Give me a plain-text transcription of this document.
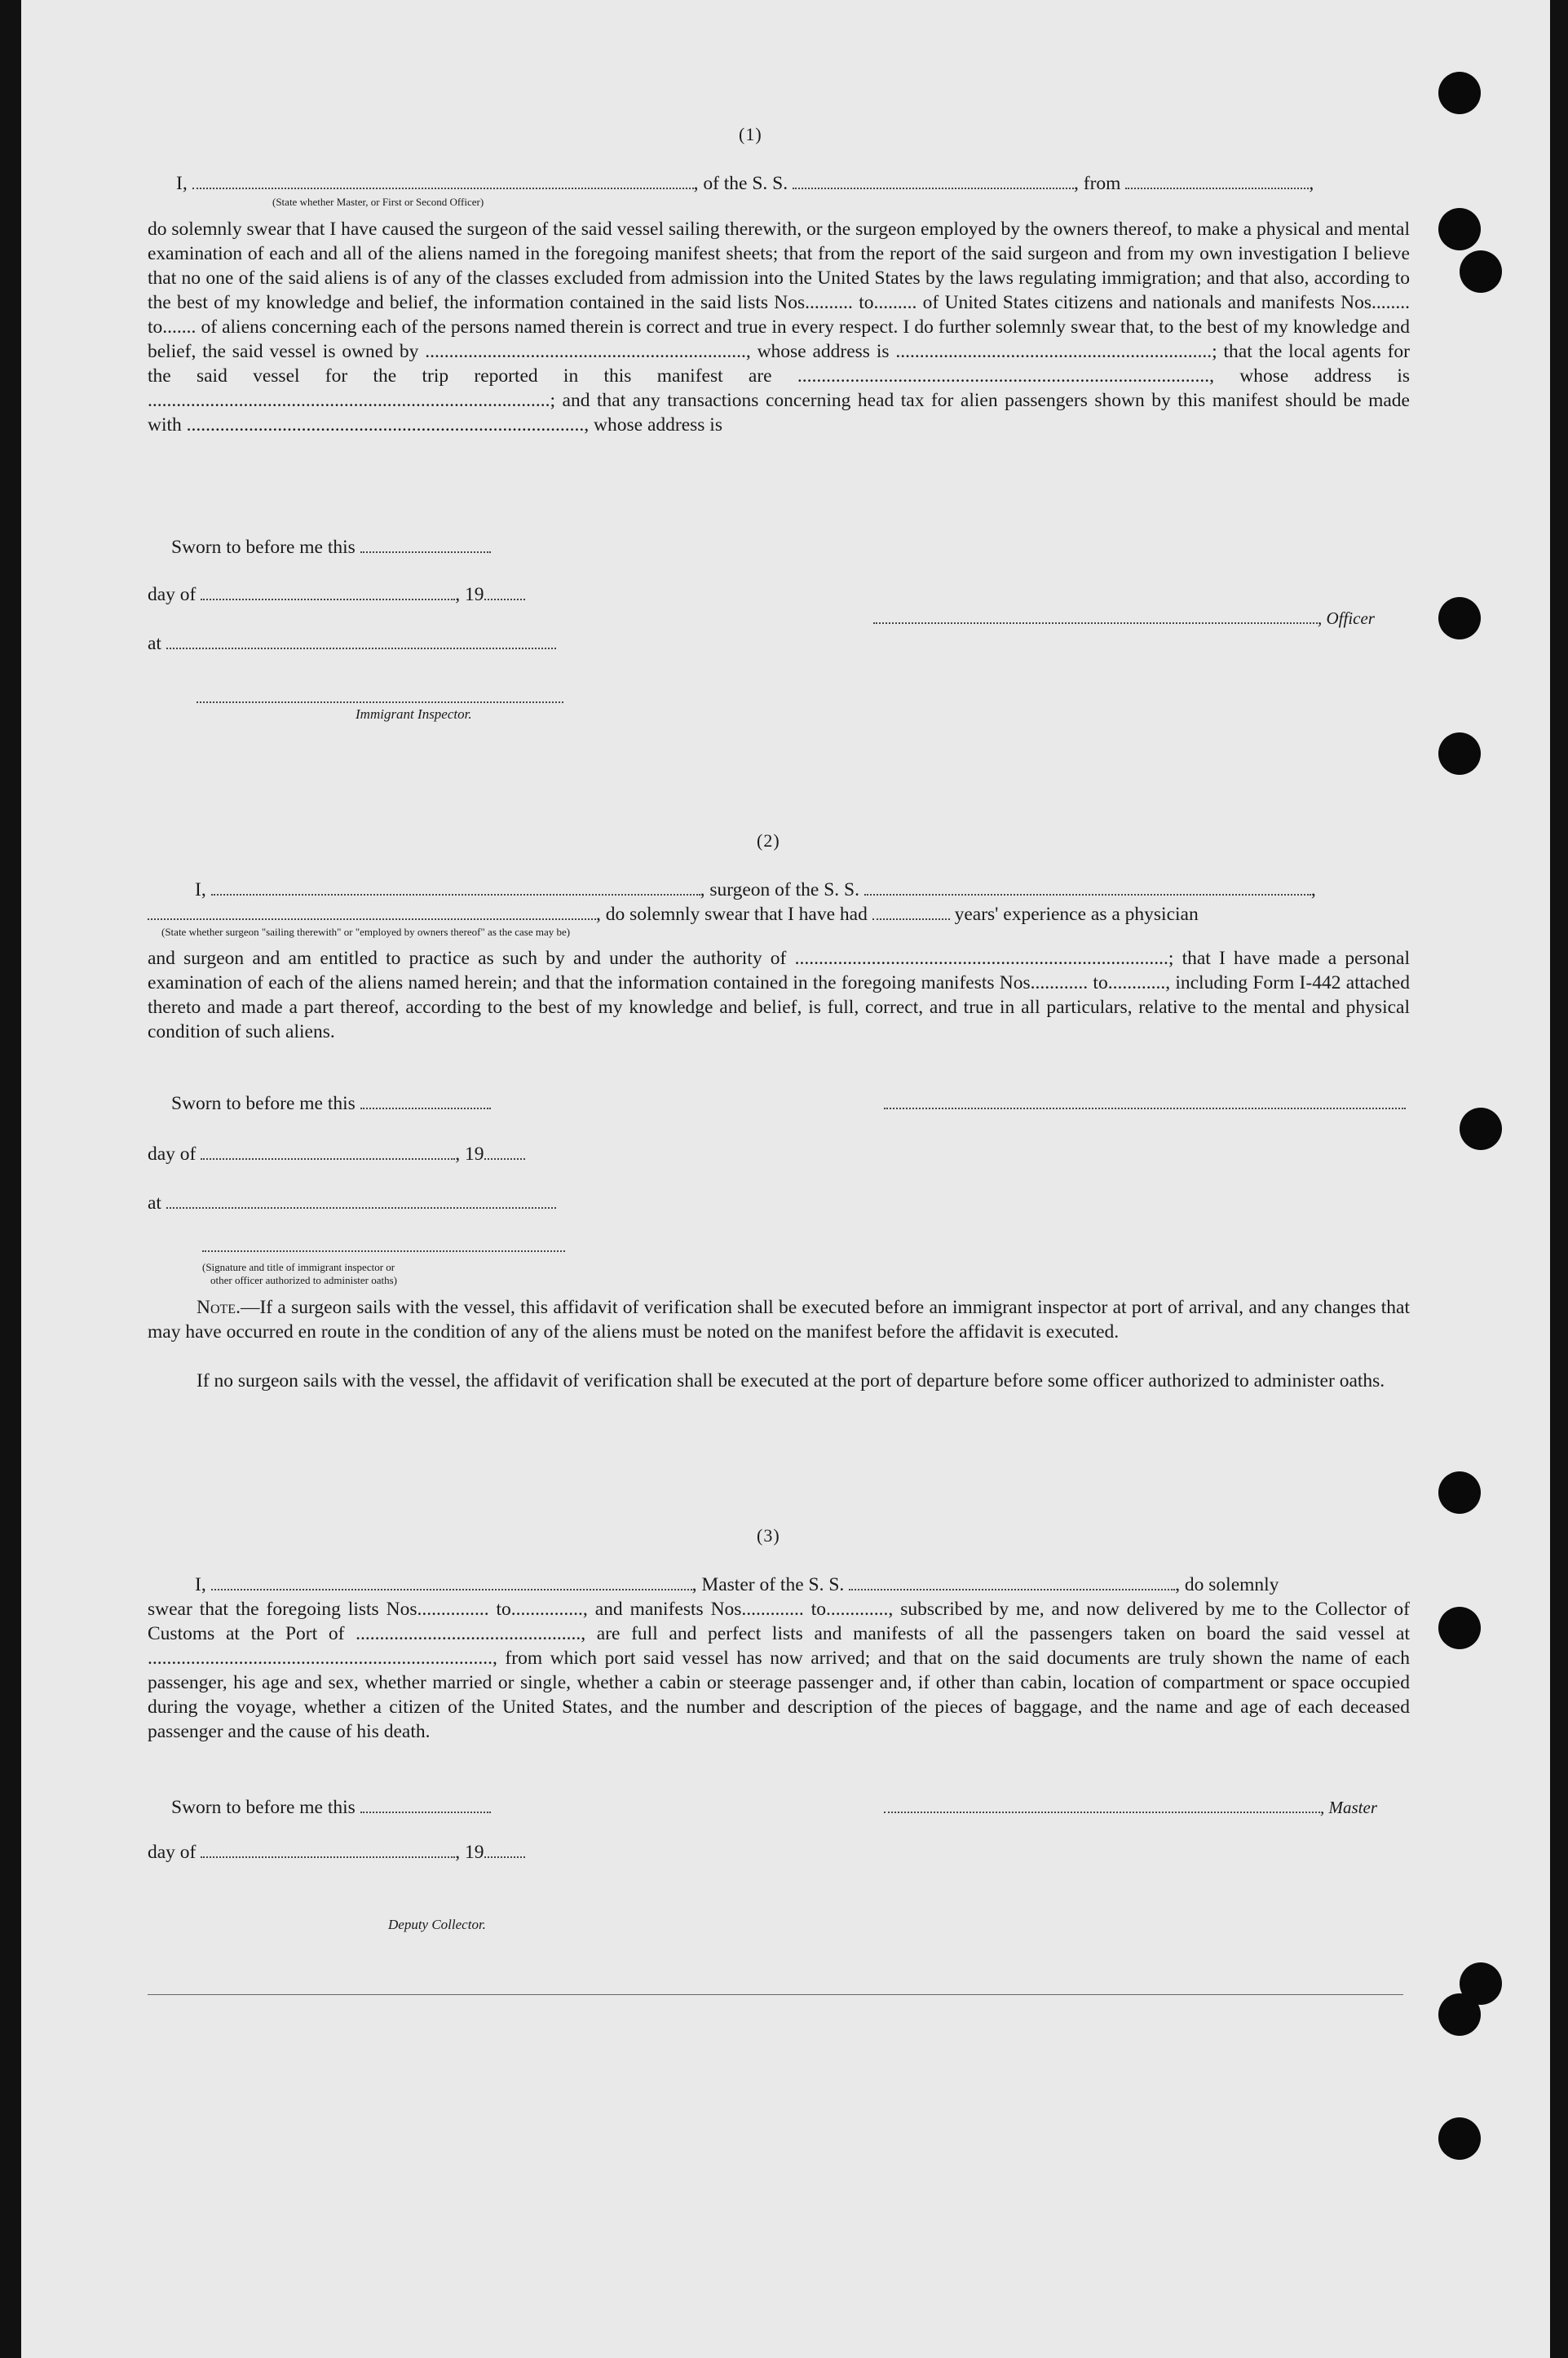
(1)
I,	, of the S. S.	, from	,
(State whether Master, or First or Second Officer)

do solemnly swear that I have caused the surgeon of the said vessel sailing therewith, or the surgeon employed by the owners thereof, to make a physical and mental examination of each and all of the aliens named in the foregoing manifest sheets; that from the report of the said surgeon and from my own investigation I believe that no one of the said aliens is of any of the classes excluded from admission into the United States by the laws regulating immigration; and that also, according to the best of my knowledge and belief, the information contained in the said lists Nos.......... to......... of United States citizens and nationals and manifests Nos........ to....... of aliens concerning each of the persons named therein is correct and true in every respect. I do further solemnly swear that, to the best of my knowledge and belief, the said vessel is owned by ..................................................................., whose address is ..................................................................; that the local agents for the said vessel for the trip reported in this manifest are ......................................................................................, whose address is ....................................................................................; and that any transactions concerning head tax for alien passengers shown by this manifest should be made with ..................................................................................., whose address is

Sworn to before me this
day of	, 19
, Officer
at
Immigrant Inspector.
(2)
I,	, surgeon of the S. S.	,
, do solemnly swear that I have had	years' experience as a physician
(State whether surgeon "sailing therewith" or "employed by owners thereof" as the case may be)

and surgeon and am entitled to practice as such by and under the authority of ..............................................................................; that I have made a personal examination of each of the aliens named herein; and that the information contained in the foregoing manifests Nos............ to............, including Form I-442 attached thereto and made a part thereof, according to the best of my knowledge and belief, is full, correct, and true in all particulars, relative to the mental and physical condition of such aliens.

Sworn to before me this
day of	, 19
at
(Signature and title of immigrant inspector or
other officer authorized to administer oaths)

Note.—If a surgeon sails with the vessel, this affidavit of verification shall be executed before an immigrant inspector at port of arrival, and any changes that may have occurred en route in the condition of any of the aliens must be noted on the manifest before the affidavit is executed.

If no surgeon sails with the vessel, the affidavit of verification shall be executed at the port of departure before some officer authorized to administer oaths.

(3)
I,	, Master of the S. S.	, do solemnly

swear that the foregoing lists Nos............... to..............., and manifests Nos............. to............., subscribed by me, and now delivered by me to the Collector of Customs at the Port of ..............................................., are full and perfect lists and manifests of all the passengers taken on board the said vessel at ........................................................................, from which port said vessel has now arrived; and that on the said documents are truly shown the name of each passenger, his age and sex, whether married or single, whether a cabin or steerage passenger and, if other than cabin, location of compartment or space occupied during the voyage, whether a citizen of the United States, and the number and description of the pieces of baggage, and the name and age of each deceased passenger and the cause of his death.

Sworn to before me this	, Master
day of	, 19
Deputy Collector.
